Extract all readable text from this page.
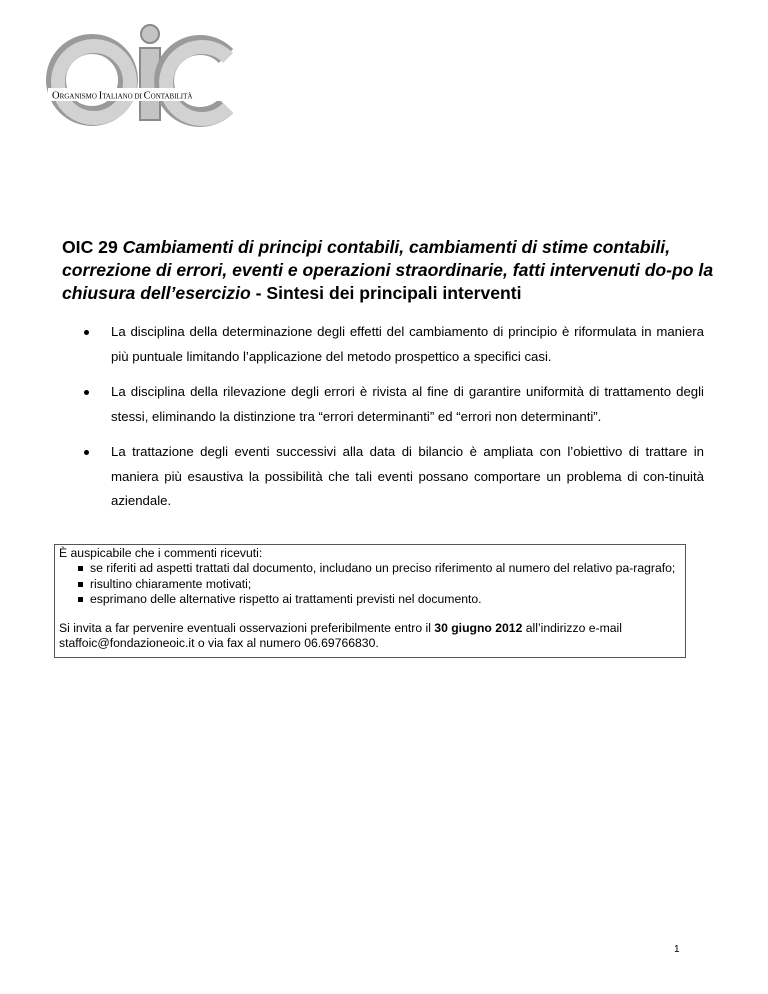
ORGANISMO ITALIANO DI CONTABILITÀ
OIC 29 Cambiamenti di principi contabili, cambiamenti di stime contabili, correzione di errori, eventi e operazioni straordinarie, fatti intervenuti do-po la chiusura dell’esercizio - Sintesi dei principali interventi
La disciplina della determinazione degli effetti del cambiamento di principio è riformulata in maniera più puntuale limitando l’applicazione del metodo prospettico a specifici casi.
La disciplina della rilevazione degli errori è rivista al fine di garantire uniformità di trattamento degli stessi, eliminando la distinzione tra “errori determinanti” ed “errori non determinanti”.
La trattazione degli eventi successivi alla data di bilancio è ampliata con l’obiettivo di trattare in maniera più esaustiva la possibilità che tali eventi possano comportare un problema di con-tinuità aziendale.

È auspicabile che i commenti ricevuti:

se riferiti ad aspetti trattati dal documento, includano un preciso riferimento al numero del relativo pa-ragrafo;
risultino chiaramente motivati;
esprimano delle alternative rispetto ai trattamenti previsti nel documento.

Si invita a far pervenire eventuali osservazioni preferibilmente entro il 30 giugno 2012 all’indirizzo e-mail staffoic@fondazioneoic.it o via fax al numero 06.69766830.

1
